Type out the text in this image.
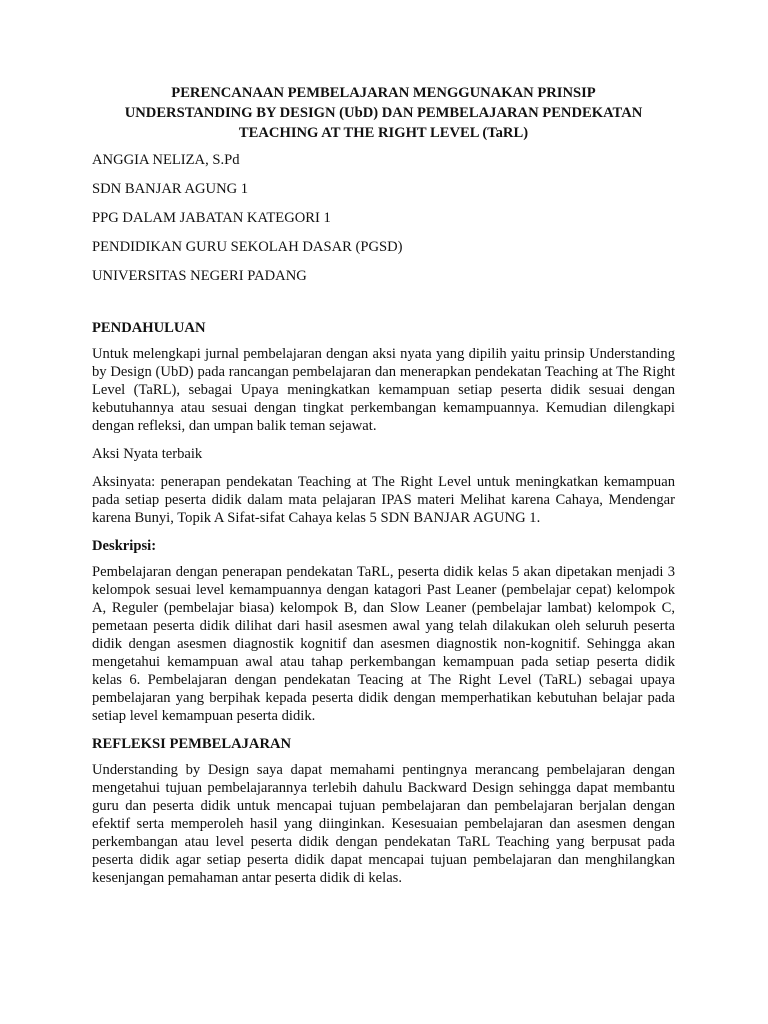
PERENCANAAN PEMBELAJARAN MENGGUNAKAN PRINSIP
UNDERSTANDING BY DESIGN (UbD) DAN PEMBELAJARAN PENDEKATAN
TEACHING AT THE RIGHT LEVEL (TaRL)
ANGGIA NELIZA, S.Pd
SDN BANJAR AGUNG 1
PPG DALAM JABATAN KATEGORI 1
PENDIDIKAN GURU SEKOLAH DASAR (PGSD)
UNIVERSITAS NEGERI PADANG
PENDAHULUAN

Untuk melengkapi jurnal pembelajaran dengan aksi nyata yang dipilih yaitu prinsip Understanding by Design (UbD) pada rancangan pembelajaran dan menerapkan pendekatan Teaching at The Right Level (TaRL), sebagai Upaya meningkatkan kemampuan setiap peserta didik sesuai dengan kebutuhannya atau sesuai dengan tingkat perkembangan kemampuannya. Kemudian dilengkapi dengan refleksi, dan umpan balik teman sejawat.

Aksi Nyata terbaik

Aksinyata: penerapan pendekatan Teaching at The Right Level untuk meningkatkan kemampuan pada setiap peserta didik dalam mata pelajaran IPAS materi Melihat karena Cahaya, Mendengar karena Bunyi, Topik A Sifat-sifat Cahaya kelas 5 SDN BANJAR AGUNG 1.

Deskripsi:

Pembelajaran dengan penerapan pendekatan TaRL, peserta didik kelas 5 akan dipetakan menjadi 3 kelompok sesuai level kemampuannya dengan katagori Past Leaner (pembelajar cepat) kelompok A, Reguler (pembelajar biasa) kelompok B, dan Slow Leaner (pembelajar lambat) kelompok C, pemetaan peserta didik dilihat dari hasil asesmen awal yang telah dilakukan oleh seluruh peserta didik dengan asesmen diagnostik kognitif dan asesmen diagnostik non-kognitif. Sehingga akan mengetahui kemampuan awal atau tahap perkembangan kemampuan pada setiap peserta didik kelas 6. Pembelajaran dengan pendekatan Teacing at The Right Level (TaRL) sebagai upaya pembelajaran yang berpihak kepada peserta didik dengan memperhatikan kebutuhan belajar pada setiap level kemampuan peserta didik.

REFLEKSI PEMBELAJARAN

Understanding by Design saya dapat memahami pentingnya merancang pembelajaran dengan mengetahui tujuan pembelajarannya terlebih dahulu Backward Design sehingga dapat membantu guru dan peserta didik untuk mencapai tujuan pembelajaran dan pembelajaran berjalan dengan efektif serta memperoleh hasil yang diinginkan. Kesesuaian pembelajaran dan asesmen dengan perkembangan atau level peserta didik dengan pendekatan TaRL Teaching yang berpusat pada peserta didik agar setiap peserta didik dapat mencapai tujuan pembelajaran dan menghilangkan kesenjangan pemahaman antar peserta didik di kelas.
